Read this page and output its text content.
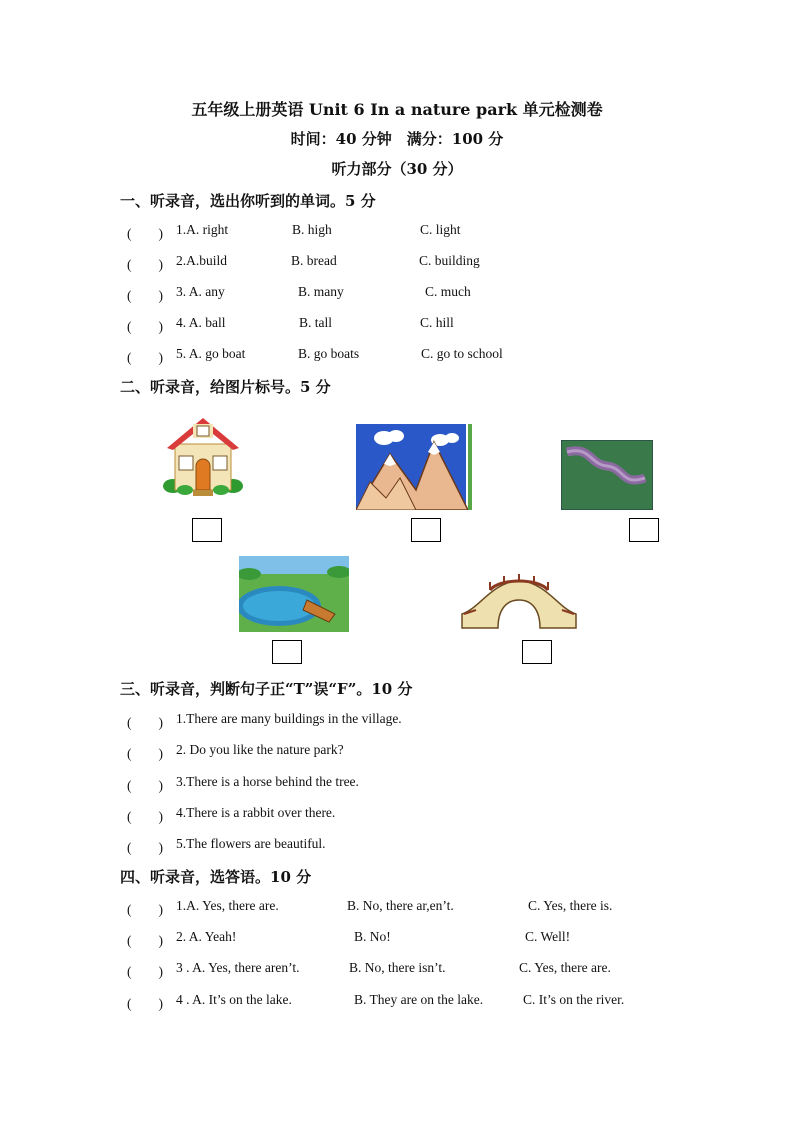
五年级上册英语 Unit 6 In a nature park 单元检测卷
时间：40 分钟　满分：100 分
听力部分（30 分）
一、听录音，选出你听到的单词。5 分
(　　) 1.A. right	B. high	C. light
(　　) 2.A.build	B. bread	C. building
(　　) 3. A. any	B. many	C. much
(　　) 4. A. ball	B. tall	C. hill
(　　) 5. A. go boat	B. go boats	C. go to school
二、听录音，给图片标号。5 分
三、听录音，判断句子正“T”误“F”。10 分
(　　) 1.There are many buildings in the village.
(　　) 2. Do you like the nature park?
(　　) 3.There is a horse behind the tree.
(　　) 4.There is a rabbit over there.
(　　) 5.The flowers are beautiful.
四、听录音，选答语。10 分
(　　) 1.A. Yes, there are.	B. No, there ar,en’t.	C. Yes, there is.
(　　) 2. A. Yeah!	B. No!	C. Well!
(　　) 3 . A. Yes, there aren’t.	B. No, there isn’t.	C. Yes, there are.
(　　) 4 . A. It’s on the lake.	B. They are on the lake.	C. It’s on the river.
